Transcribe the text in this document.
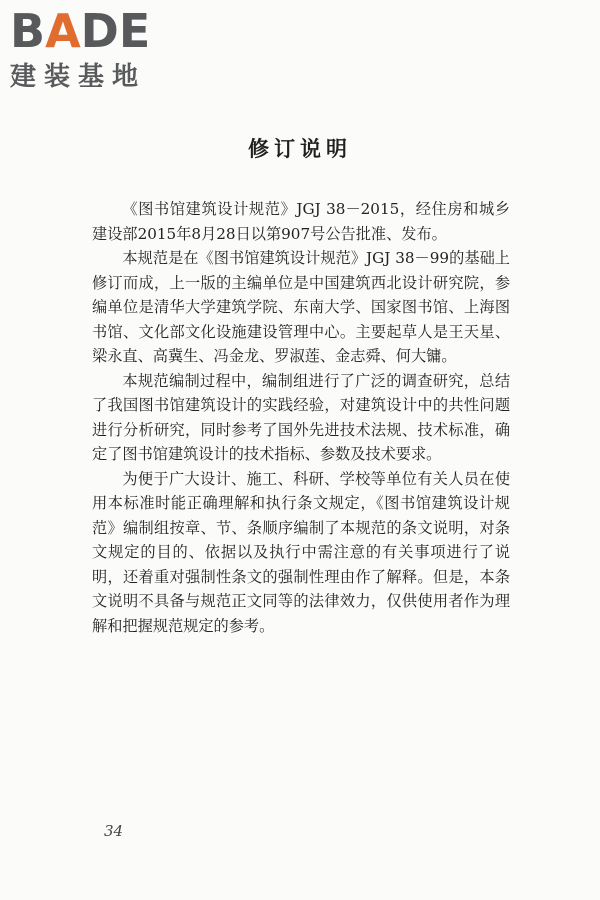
BADE
建装基地
修订说明

《图书馆建筑设计规范》JGJ 38－2015，经住房和城乡建设部2015年8月28日以第907号公告批准、发布。

本规范是在《图书馆建筑设计规范》JGJ 38－99的基础上修订而成，上一版的主编单位是中国建筑西北设计研究院，参编单位是清华大学建筑学院、东南大学、国家图书馆、上海图书馆、文化部文化设施建设管理中心。主要起草人是王天星、梁永直、高冀生、冯金龙、罗淑莲、金志舜、何大镛。

本规范编制过程中，编制组进行了广泛的调查研究，总结了我国图书馆建筑设计的实践经验，对建筑设计中的共性问题进行分析研究，同时参考了国外先进技术法规、技术标准，确定了图书馆建筑设计的技术指标、参数及技术要求。

为便于广大设计、施工、科研、学校等单位有关人员在使用本标准时能正确理解和执行条文规定，《图书馆建筑设计规范》编制组按章、节、条顺序编制了本规范的条文说明，对条文规定的目的、依据以及执行中需注意的有关事项进行了说明，还着重对强制性条文的强制性理由作了解释。但是，本条文说明不具备与规范正文同等的法律效力，仅供使用者作为理解和把握规范规定的参考。

34
